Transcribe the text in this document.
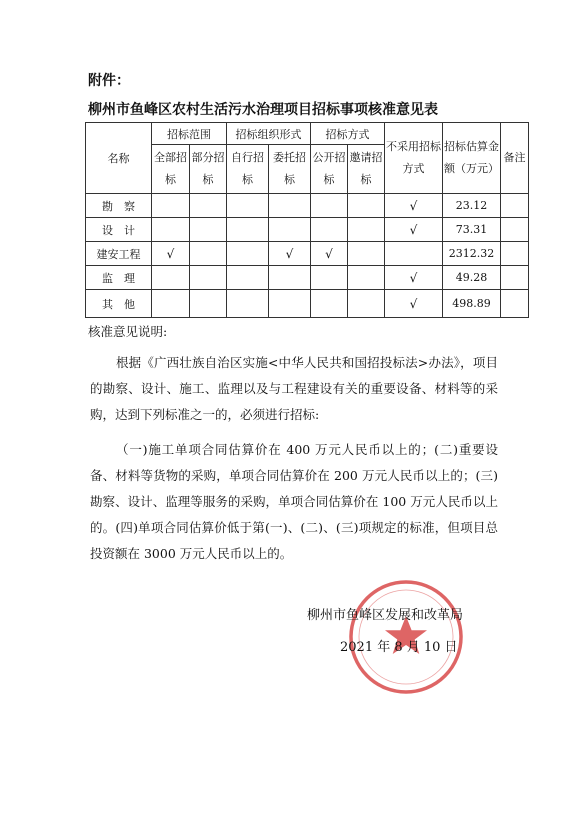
附件：
柳州市鱼峰区农村生活污水治理项目招标事项核准意见表
名称	招标范围		招标组织形式		招标方式		不采用招标方式	招标估算金额（万元）	备注
	全部招标	部分招标	自行招标	委托招标	公开招标	邀请招标			
勘　察							√	23.12	
设　计							√	73.31	
建安工程	√			√	√			2312.32	
监　理							√	49.28	
其　他							√	498.89	
核准意见说明:

根据《广西壮族自治区实施<中华人民共和国招投标法>办法》，项目的勘察、设计、施工、监理以及与工程建设有关的重要设备、材料等的采购，达到下列标准之一的，必须进行招标:

（一)施工单项合同估算价在 400 万元人民币以上的；(二)重要设备、材料等货物的采购，单项合同估算价在 200 万元人民币以上的；(三)勘察、设计、监理等服务的采购，单项合同估算价在 100 万元人民币以上的。(四)单项合同估算价低于第(一)、(二)、(三)项规定的标准，但项目总投资额在 3000 万元人民币以上的。

柳州市鱼峰区发展和改革局
2021 年 8 月 10 日
